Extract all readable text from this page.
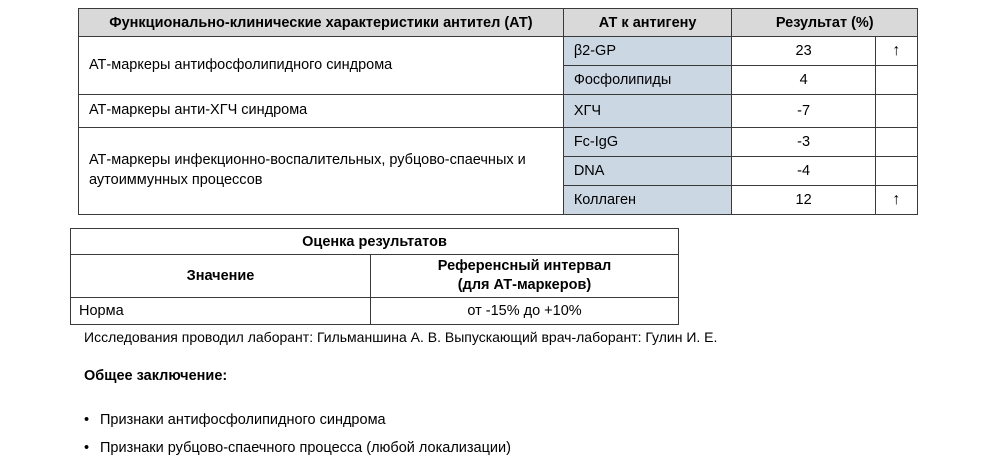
Функционально-клинические характеристики антител (АТ)	АТ к антигену	Результат (%)	
АТ-маркеры антифосфолипидного синдрома	β2-GP	23	↑
	Фосфолипиды	4	
АТ-маркеры анти-ХГЧ синдрома	ХГЧ	-7	
АТ-маркеры инфекционно-воспалительных, рубцово-спаечных и аутоиммунных процессов	Fc-IgG	-3	
	DNA	-4	
	Коллаген	12	↑
Оценка результатов	
Значение	Референсный интервал
(для АТ-маркеров)

Норма	от -15% до +10%
Исследования проводил лаборант: Гильманшина А. В. Выпускающий врач-лаборант: Гулин И. Е.
Общее заключение:
• Признаки антифосфолипидного синдрома
• Признаки рубцово-спаечного процесса (любой локализации)
